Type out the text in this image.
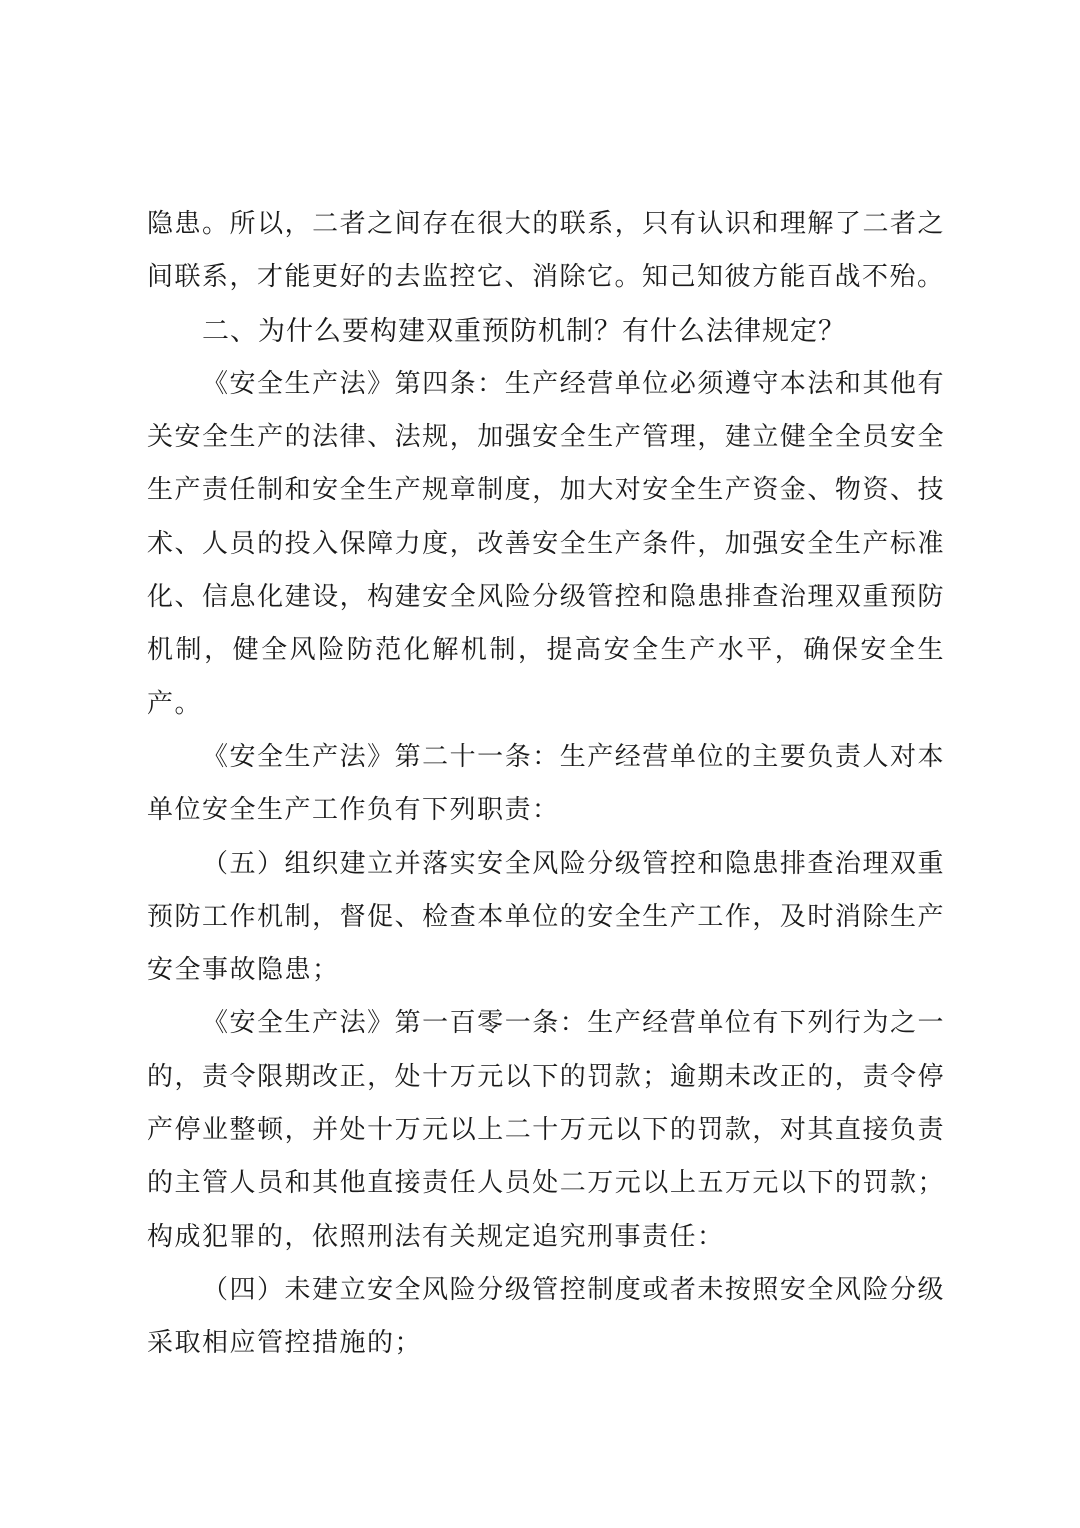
隐患。所以，二者之间存在很大的联系，只有认识和理解了二者之间联系，才能更好的去监控它、消除它。知己知彼方能百战不殆。

二、为什么要构建双重预防机制？有什么法律规定？

《安全生产法》第四条：生产经营单位必须遵守本法和其他有关安全生产的法律、法规，加强安全生产管理，建立健全全员安全生产责任制和安全生产规章制度，加大对安全生产资金、物资、技术、人员的投入保障力度，改善安全生产条件，加强安全生产标准化、信息化建设，构建安全风险分级管控和隐患排查治理双重预防机制，健全风险防范化解机制，提高安全生产水平，确保安全生产。

《安全生产法》第二十一条：生产经营单位的主要负责人对本单位安全生产工作负有下列职责：

（五）组织建立并落实安全风险分级管控和隐患排查治理双重预防工作机制，督促、检查本单位的安全生产工作，及时消除生产安全事故隐患；

《安全生产法》第一百零一条：生产经营单位有下列行为之一的，责令限期改正，处十万元以下的罚款；逾期未改正的，责令停产停业整顿，并处十万元以上二十万元以下的罚款，对其直接负责的主管人员和其他直接责任人员处二万元以上五万元以下的罚款；构成犯罪的，依照刑法有关规定追究刑事责任：

（四）未建立安全风险分级管控制度或者未按照安全风险分级采取相应管控措施的；
